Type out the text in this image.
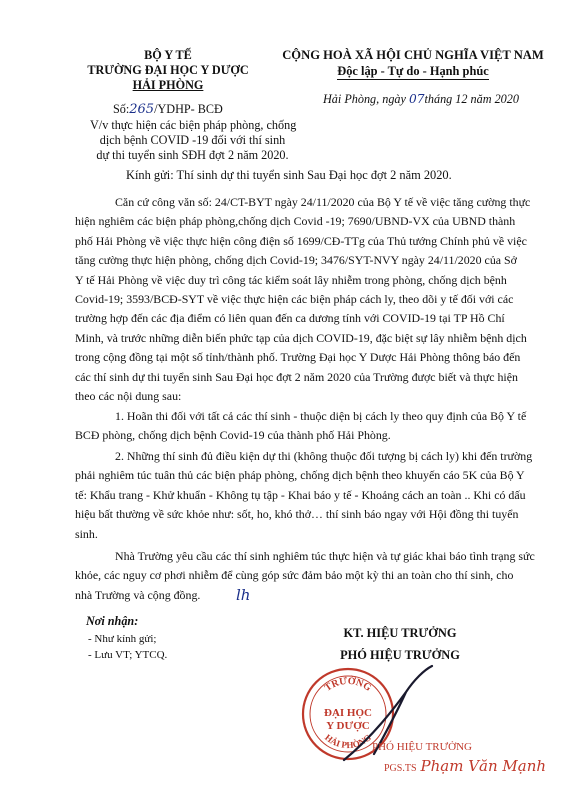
BỘ Y TẾ
TRƯỜNG ĐẠI HỌC Y DƯỢC
HẢI PHÒNG
Số:265/YDHP- BCĐ
V/v thực hiện các biện pháp phòng, chống
dịch bệnh COVID -19 đối với thí sinh
dự thi tuyển sinh SĐH đợt 2 năm 2020.
CỘNG HOÀ XÃ HỘI CHỦ NGHĨA VIỆT NAM
Độc lập - Tự do - Hạnh phúc
Hải Phòng, ngày 07tháng 12 năm 2020
Kính gửi: Thí sinh dự thi tuyển sinh Sau Đại học đợt 2 năm 2020.
Căn cứ công văn số: 24/CT-BYT ngày 24/11/2020 của Bộ Y tế về việc tăng cường thực
hiện nghiêm các biện pháp phòng,chống dịch Covid -19; 7690/UBND-VX của UBND thành
phố Hải Phòng về việc thực hiện công điện số 1699/CĐ-TTg của Thủ tướng Chính phủ về việc
tăng cường thực hiện phòng, chống dịch Covid-19; 3476/SYT-NVY ngày 24/11/2020 của Sở
Y tế Hải Phòng về việc duy trì công tác kiểm soát lây nhiễm trong phòng, chống dịch bệnh
Covid-19; 3593/BCĐ-SYT về việc thực hiện các biện pháp cách ly, theo dõi y tế đối với các
trường hợp đến các địa điểm có liên quan đến ca dương tính với COVID-19 tại TP Hồ Chí
Minh, và trước những diễn biến phức tạp của dịch COVID-19, đặc biệt sự lây nhiễm bệnh dịch
trong cộng đồng tại một số tỉnh/thành phố. Trường Đại học Y Dược Hải Phòng thông báo đến
các thí sinh dự thi tuyển sinh Sau Đại học đợt 2 năm 2020 của Trường được biết và thực hiện
theo các nội dung sau:
1. Hoãn thi đối với tất cả các thí sinh - thuộc diện bị cách ly theo quy định của Bộ Y tế
BCĐ phòng, chống dịch bệnh Covid-19 của thành phố Hải Phòng.
2. Những thí sinh đủ điều kiện dự thi (không thuộc đối tượng bị cách ly) khi đến trường
phải nghiêm túc tuân thủ các biện pháp phòng, chống dịch bệnh theo khuyến cáo 5K của Bộ Y
tế: Khẩu trang - Khử khuẩn - Không tụ tập - Khai báo y tế - Khoảng cách an toàn .. Khi có dấu
hiệu bất thường về sức khỏe như: sốt, ho, khó thở… thí sinh báo ngay với Hội đồng thi tuyển
sinh.
Nhà Trường yêu cầu các thí sinh nghiêm túc thực hiện và tự giác khai báo tình trạng sức
khỏe, các nguy cơ phơi nhiễm để cùng góp sức đảm bảo một kỳ thi an toàn cho thí sinh, cho
nhà Trường và cộng đồng.	lh
Nơi nhận:
- Như kính gửi;
- Lưu VT; YTCQ.
KT. HIỆU TRƯỞNG
PHÓ HIỆU TRƯỞNG
TRƯỜNG
ĐẠI HỌC
Y DƯỢC
HẢI PHÒNG
PHÓ HIỆU TRƯỞNG
PGS.TS Phạm Văn Mạnh
